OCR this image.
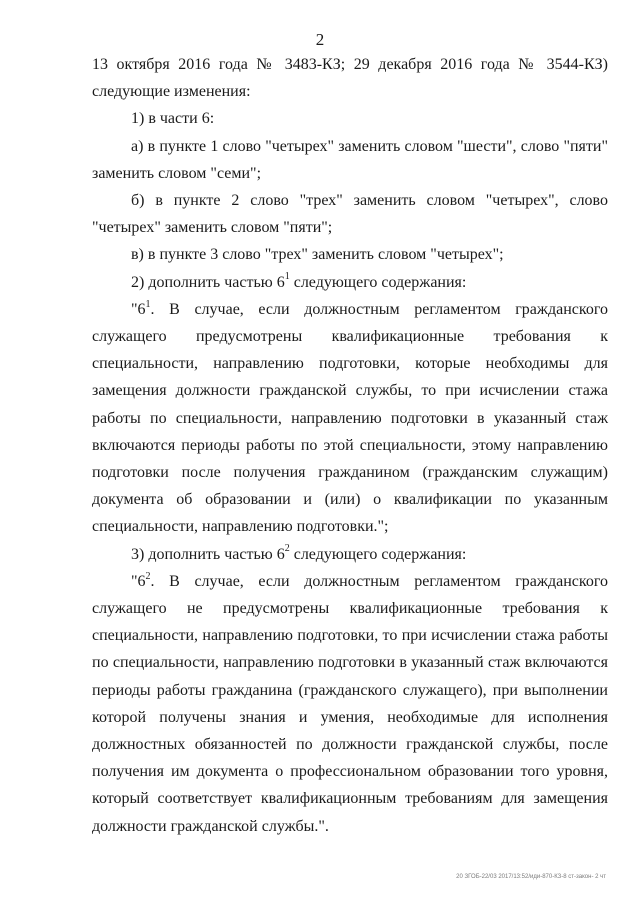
2

13 октября 2016 года № 3483-КЗ; 29 декабря 2016 года № 3544-КЗ) следующие изменения:

1) в части 6:

а) в пункте 1 слово "четырех" заменить словом "шести", слово "пяти" заменить словом "семи";

б) в пункте 2 слово "трех" заменить словом "четырех", слово "четырех" заменить словом "пяти";

в) в пункте 3 слово "трех" заменить словом "четырех";

2) дополнить частью $6^1$ следующего содержания:

"$6^1$. В случае, если должностным регламентом гражданского служащего предусмотрены квалификационные требования к специальности, направлению подготовки, которые необходимы для замещения должности гражданской службы, то при исчислении стажа работы по специальности, направлению подготовки в указанный стаж включаются периоды работы по этой специальности, этому направлению подготовки после получения гражданином (гражданским служащим) документа об образовании и (или) о квалификации по указанным специальности, направлению подготовки.";

3) дополнить частью $6^2$ следующего содержания:

"$6^2$. В случае, если должностным регламентом гражданского служащего не предусмотрены квалификационные требования к специальности, направлению подготовки, то при исчислении стажа работы по специальности, направлению подготовки в указанный стаж включаются периоды работы гражданина (гражданского служащего), при выполнении которой получены знания и умения, необходимые для исполнения должностных обязанностей по должности гражданской службы, после получения им документа о профессиональном образовании того уровня, который соответствует квалификационным требованиям для замещения должности гражданской службы.".

20 ЗГОБ-22/03 2017/13:52/иди-870-КЗ-8 ст-закон- 2 чт
